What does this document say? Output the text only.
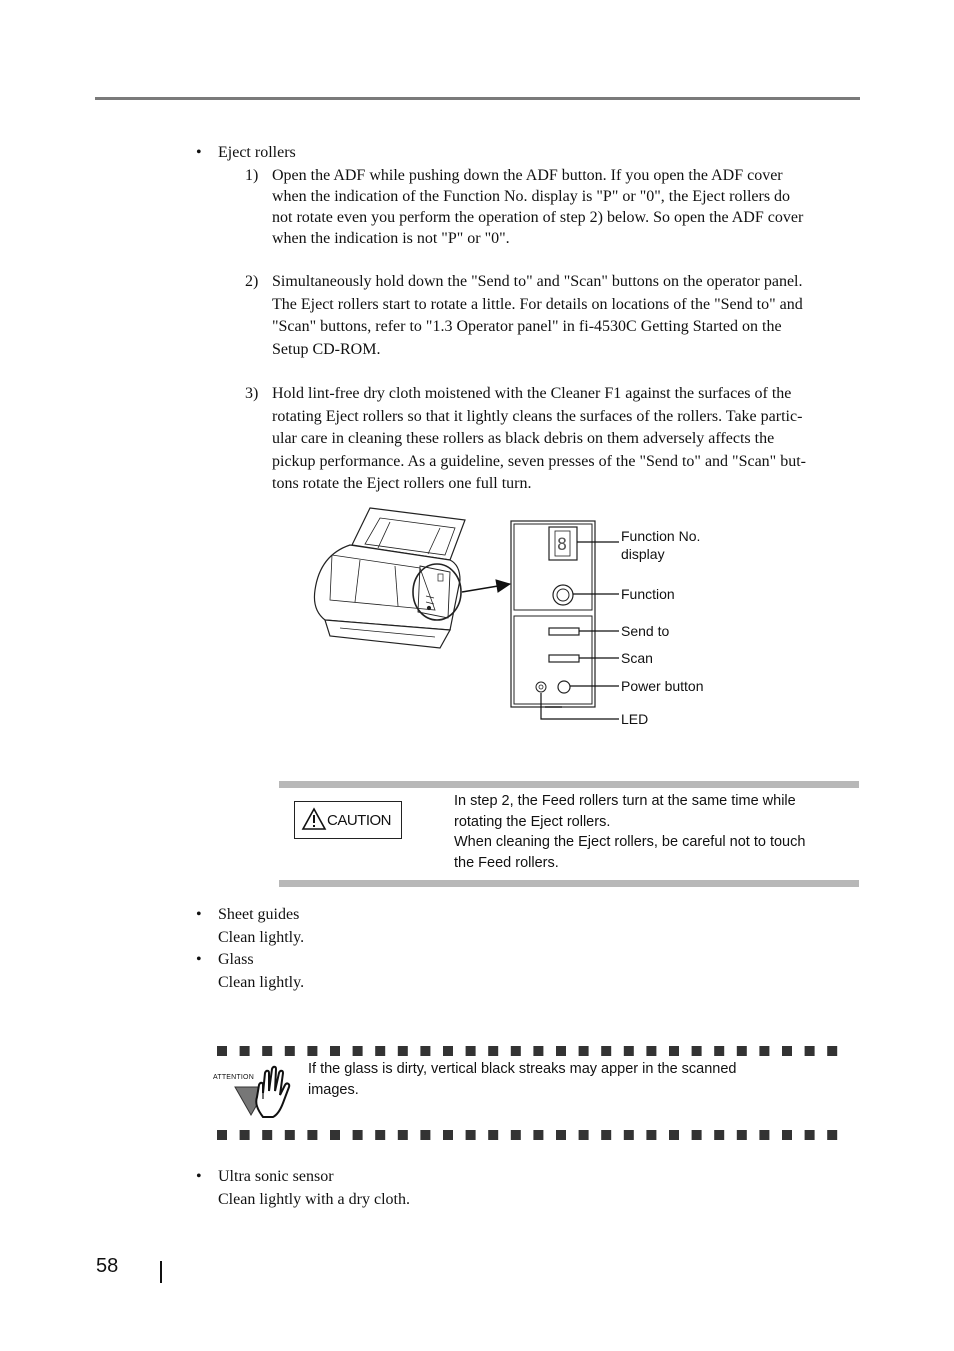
• Eject rollers
1) Open the ADF while pushing down the ADF button. If you open the ADF cover
when the indication of the Function No. display is "P" or "0", the Eject rollers do
not rotate even you perform the operation of step 2) below. So open the ADF cover
when the indication is not "P" or "0".
2) Simultaneously hold down the "Send to" and "Scan" buttons on the operator panel.
The Eject rollers start to rotate a little. For details on locations of the "Send to" and
"Scan" buttons, refer to "1.3 Operator panel" in fi-4530C Getting Started on the
Setup CD-ROM.
3) Hold lint-free dry cloth moistened with the Cleaner F1 against the surfaces of the
rotating Eject rollers so that it lightly cleans the surfaces of the rollers. Take partic-
ular care in cleaning these rollers as black debris on them adversely affects the
pickup performance. As a guideline, seven presses of the "Send to" and "Scan" but-
tons rotate the Eject rollers one full turn.
8	Function No.
display
Function
Send to
Scan
Power button
LED
CAUTION
In step 2, the Feed rollers turn at the same time while
rotating the Eject rollers.
When cleaning the Eject rollers, be careful not to touch
the Feed rollers.
• Sheet guides
Clean lightly.
• Glass
Clean lightly.
ATTENTION
If the glass is dirty, vertical black streaks may apper in the scanned
images.
• Ultra sonic sensor
Clean lightly with a dry cloth.
58
